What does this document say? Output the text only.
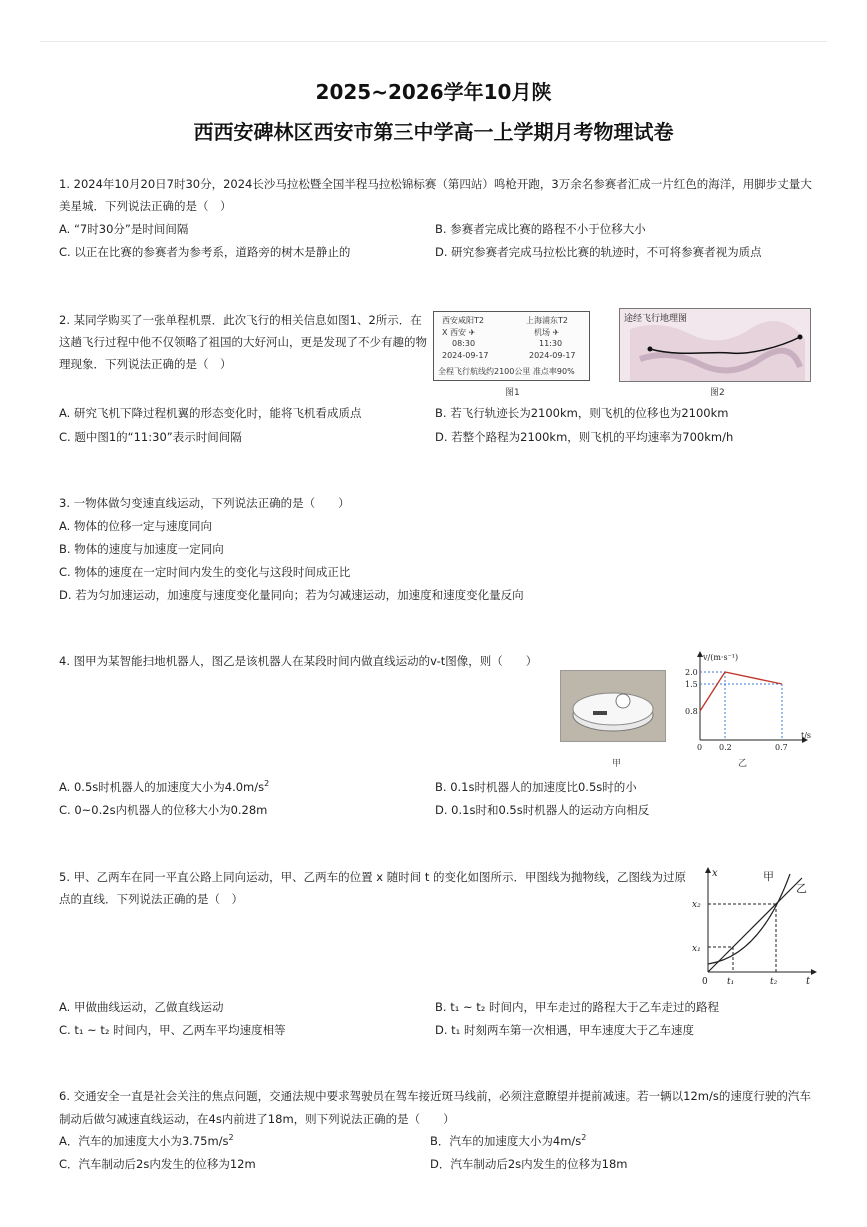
2025~2026学年10月陕
西西安碑林区西安市第三中学高一上学期月考物理试卷
1. 2024年10月20日7时30分，2024长沙马拉松暨全国半程马拉松锦标赛（第四站）鸣枪开跑，3万余名参赛者汇成一片红色的海洋，用脚步丈量大
美星城．下列说法正确的是（　）
A. “7时30分”是时间间隔	B. 参赛者完成比赛的路程不小于位移大小
C. 以正在比赛的参赛者为参考系，道路旁的树木是静止的	D. 研究参赛者完成马拉松比赛的轨迹时，不可将参赛者视为质点
2. 某同学购买了一张单程机票．此次飞行的相关信息如图1、2所示．在
这趟飞行过程中他不仅领略了祖国的大好河山，更是发现了不少有趣的物
理现象．下列说法正确的是（　）
西安咸阳T2	上海浦东T2
X 西安 ✈	机场 ✈
08:30	11:30
2024-09-17	2024-09-17
全程飞行航线约2100公里 准点率90%
图1
途经飞行地理图
图2
A. 研究飞机下降过程机翼的形态变化时，能将飞机看成质点	B. 若飞行轨迹长为2100km，则飞机的位移也为2100km
C. 题中图1的“11:30”表示时间间隔	D. 若整个路程为2100km，则飞机的平均速率为700km/h
3. 一物体做匀变速直线运动，下列说法正确的是（　　）
A. 物体的位移一定与速度同向
B. 物体的速度与加速度一定同向
C. 物体的速度在一定时间内发生的变化与这段时间成正比
D. 若为匀加速运动，加速度与速度变化量同向；若为匀减速运动，加速度和速度变化量反向
4. 图甲为某智能扫地机器人，图乙是该机器人在某段时间内做直线运动的v-t图像，则（　　）
甲
v/(m·s⁻¹)
t/s
2.0
1.5
0.8
0 0.2	0.7
乙
A. 0.5s时机器人的加速度大小为$4.0m/s^2$	B. 0.1s时机器人的加速度比0.5s时的小
C. 0~0.2s内机器人的位移大小为0.28m	D. 0.1s时和0.5s时机器人的运动方向相反
5. 甲、乙两车在同一平直公路上同向运动，甲、乙两车的位置 x 随时间 t 的变化如图所示．甲图线为抛物线，乙图线为过原
点的直线．下列说法正确的是（　）
x
t
0
x₂
x₁
t₁	t₂
甲
乙
A. 甲做曲线运动，乙做直线运动	B. t₁ ~ t₂ 时间内，甲车走过的路程大于乙车走过的路程
C. t₁ ~ t₂ 时间内，甲、乙两车平均速度相等	D. t₁ 时刻两车第一次相遇，甲车速度大于乙车速度
6. 交通安全一直是社会关注的焦点问题，交通法规中要求驾驶员在驾车接近斑马线前，必须注意瞭望并提前减速。若一辆以12m/s的速度行驶的汽车
制动后做匀减速直线运动，在4s内前进了18m，则下列说法正确的是（　　）
A．汽车的加速度大小为$3.75m/s^2$	B．汽车的加速度大小为$4m/s^2$
C．汽车制动后2s内发生的位移为12m	D．汽车制动后2s内发生的位移为18m
